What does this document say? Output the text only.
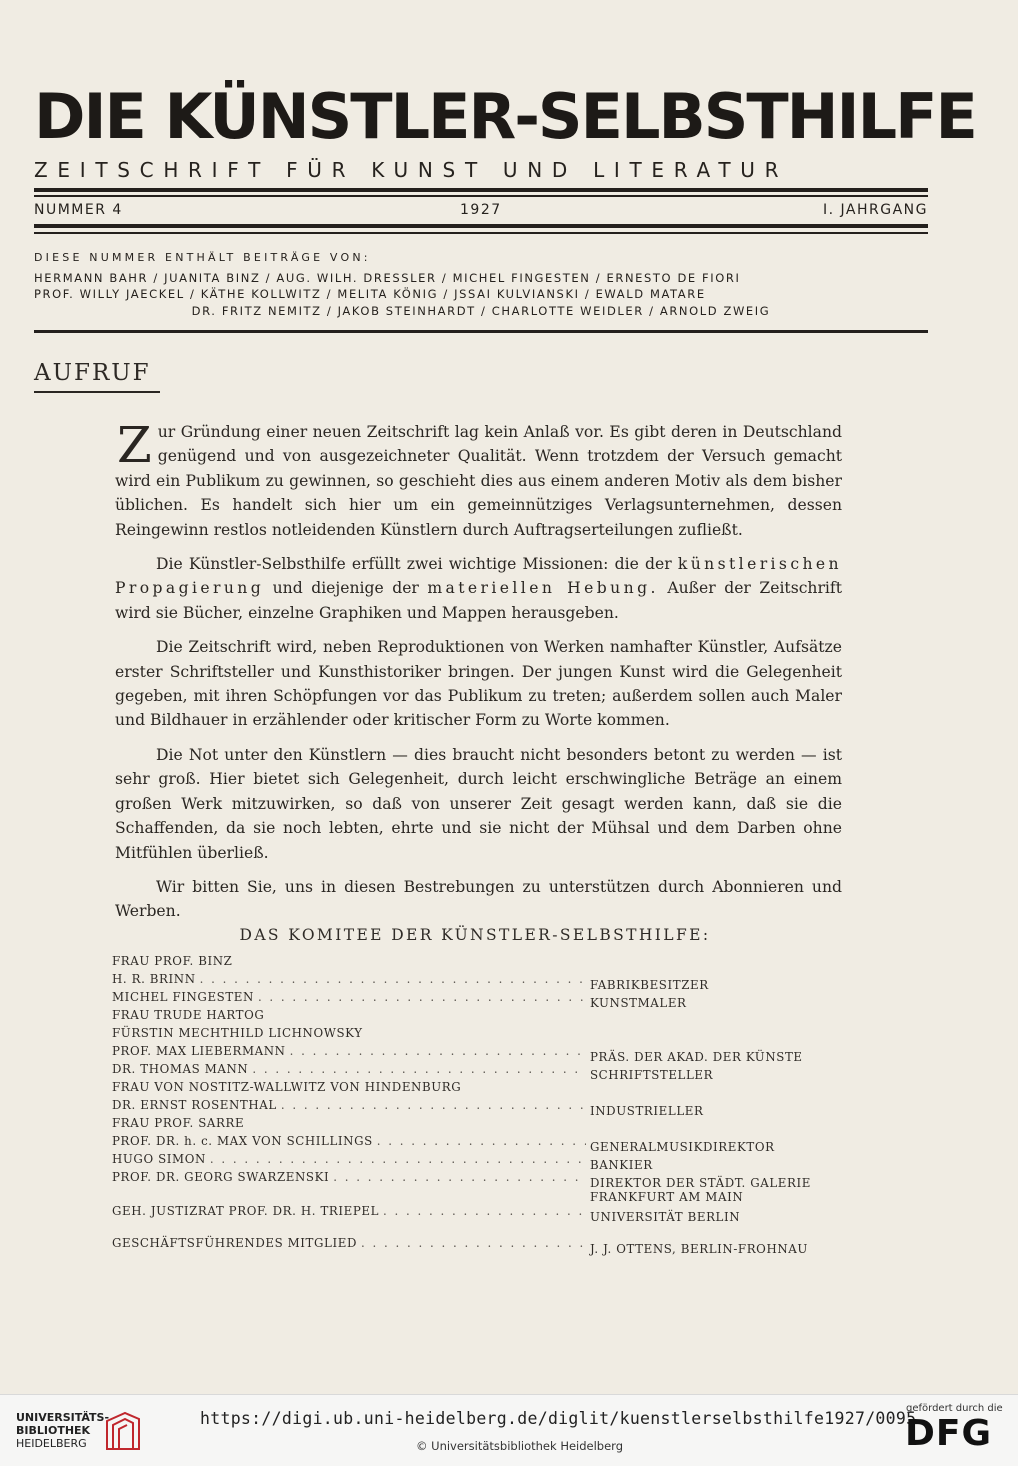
DIE KÜNSTLER-SELBSTHILFE
ZEITSCHRIFT FÜR KUNST UND LITERATUR
NUMMER 4	1927	I. JAHRGANG
DIESE NUMMER ENTHÄLT BEITRÄGE VON:
HERMANN BAHR / JUANITA BINZ / AUG. WILH. DRESSLER / MICHEL FINGESTEN / ERNESTO DE FIORI
PROF. WILLY JAECKEL / KÄTHE KOLLWITZ / MELITA KÖNIG / JSSAI KULVIANSKI / EWALD MATARE
DR. FRITZ NEMITZ / JAKOB STEINHARDT / CHARLOTTE WEIDLER / ARNOLD ZWEIG
AUFRUF

Zur Gründung einer neuen Zeitschrift lag kein Anlaß vor. Es gibt deren in Deutschland genügend und von ausgezeichneter Qualität. Wenn trotzdem der Versuch gemacht wird ein Publikum zu gewinnen, so geschieht dies aus einem anderen Motiv als dem bisher üblichen. Es handelt sich hier um ein gemeinnütziges Verlagsunternehmen, dessen Reingewinn restlos notleidenden Künstlern durch Auftragserteilungen zufließt.

Die Künstler-Selbsthilfe erfüllt zwei wichtige Missionen: die der künstlerischen Propagierung und diejenige der materiellen Hebung. Außer der Zeitschrift wird sie Bücher, einzelne Graphiken und Mappen herausgeben.

Die Zeitschrift wird, neben Reproduktionen von Werken namhafter Künstler, Aufsätze erster Schriftsteller und Kunsthistoriker bringen. Der jungen Kunst wird die Gelegenheit gegeben, mit ihren Schöpfungen vor das Publikum zu treten; außerdem sollen auch Maler und Bildhauer in erzählender oder kritischer Form zu Worte kommen.

Die Not unter den Künstlern — dies braucht nicht besonders betont zu werden — ist sehr groß. Hier bietet sich Gelegenheit, durch leicht erschwingliche Beträge an einem großen Werk mitzuwirken, so daß von unserer Zeit gesagt werden kann, daß sie die Schaffenden, da sie noch lebten, ehrte und sie nicht der Mühsal und dem Darben ohne Mitfühlen überließ.

Wir bitten Sie, uns in diesen Bestrebungen zu unterstützen durch Abonnieren und Werben.

DAS KOMITEE DER KÜNSTLER-SELBSTHILFE:
FRAU PROF. BINZ
H. R. BRINN . . .	FABRIKBESITZER
MICHEL FINGESTEN . . .	KUNSTMALER
FRAU TRUDE HARTOG
FÜRSTIN MECHTHILD LICHNOWSKY
PROF. MAX LIEBERMANN . . .	PRÄS. DER AKAD. DER KÜNSTE
DR. THOMAS MANN . . .	SCHRIFTSTELLER
FRAU VON NOSTITZ-WALLWITZ VON HINDENBURG
DR. ERNST ROSENTHAL . . .	INDUSTRIELLER
FRAU PROF. SARRE
PROF. DR. h. c. MAX VON SCHILLINGS . . .	GENERALMUSIKDIREKTOR
HUGO SIMON . . .	BANKIER
PROF. DR. GEORG SWARZENSKI . . .	DIREKTOR DER STÄDT. GALERIE
FRANKFURT AM MAIN
GEH. JUSTIZRAT PROF. DR. H. TRIEPEL . . .	UNIVERSITÄT BERLIN
GESCHÄFTSFÜHRENDES MITGLIED . . .	J. J. OTTENS, BERLIN-FROHNAU
UNIVERSITÄTS-
BIBLIOTHEK
HEIDELBERG
https://digi.ub.uni-heidelberg.de/diglit/kuenstlerselbsthilfe1927/0095
© Universitätsbibliothek Heidelberg
gefördert durch die
DFG
